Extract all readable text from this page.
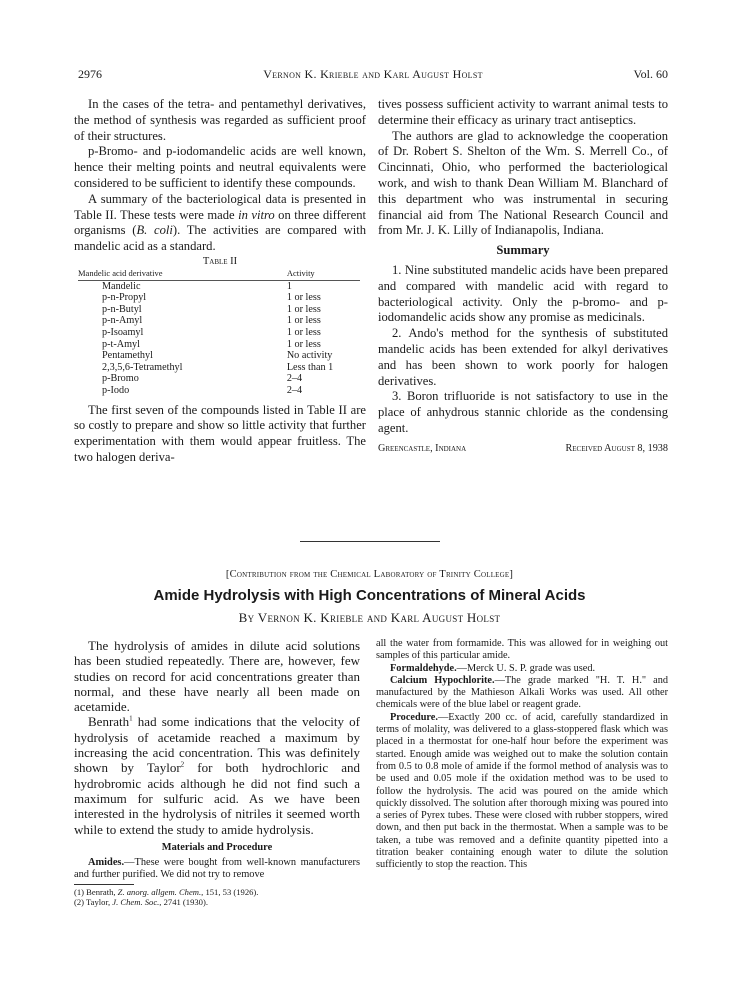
2976	Vernon K. Krieble and Karl August Holst	Vol. 60

In the cases of the tetra- and pentamethyl derivatives, the method of synthesis was regarded as sufficient proof of their structures.

p-Bromo- and p-iodomandelic acids are well known, hence their melting points and neutral equivalents were considered to be sufficient to identify these compounds.

A summary of the bacteriological data is presented in Table II. These tests were made in vitro on three different organisms (B. coli). The activities are compared with mandelic acid as a standard.

Table II
Mandelic acid derivative	Activity
Mandelic	1
p-n-Propyl	1 or less
p-n-Butyl	1 or less
p-n-Amyl	1 or less
p-Isoamyl	1 or less
p-t-Amyl	1 or less
Pentamethyl	No activity
2,3,5,6-Tetramethyl	Less than 1
p-Bromo	2–4
p-Iodo	2–4

The first seven of the compounds listed in Table II are so costly to prepare and show so little activity that further experimentation with them would appear fruitless. The two halogen deriva-

tives possess sufficient activity to warrant animal tests to determine their efficacy as urinary tract antiseptics.

The authors are glad to acknowledge the cooperation of Dr. Robert S. Shelton of the Wm. S. Merrell Co., of Cincinnati, Ohio, who performed the bacteriological work, and wish to thank Dean William M. Blanchard of this department who was instrumental in securing financial aid from The National Research Council and from Mr. J. K. Lilly of Indianapolis, Indiana.

Summary

1. Nine substituted mandelic acids have been prepared and compared with mandelic acid with regard to bacteriological activity. Only the p-bromo- and p-iodomandelic acids show any promise as medicinals.

2. Ando's method for the synthesis of substituted mandelic acids has been extended for alkyl derivatives and has been shown to work poorly for halogen derivatives.

3. Boron trifluoride is not satisfactory to use in the place of anhydrous stannic chloride as the condensing agent.

Greencastle, Indiana	Received August 8, 1938
[Contribution from the Chemical Laboratory of Trinity College]
Amide Hydrolysis with High Concentrations of Mineral Acids
By Vernon K. Krieble and Karl August Holst

The hydrolysis of amides in dilute acid solutions has been studied repeatedly. There are, however, few studies on record for acid concentrations greater than normal, and these have nearly all been made on acetamide.

Benrath$^1$ had some indications that the velocity of hydrolysis of acetamide reached a maximum by increasing the acid concentration. This was definitely shown by Taylor$^2$ for both hydrochloric and hydrobromic acids although he did not find such a maximum for sulfuric acid. As we have been interested in the hydrolysis of nitriles it seemed worth while to extend the study to amide hydrolysis.

Materials and Procedure

Amides.—These were bought from well-known manufacturers and further purified. We did not try to remove

(1) Benrath, Z. anorg. allgem. Chem., 151, 53 (1926).
(2) Taylor, J. Chem. Soc., 2741 (1930).

all the water from formamide. This was allowed for in weighing out samples of this particular amide.

Formaldehyde.—Merck U. S. P. grade was used.

Calcium Hypochlorite.—The grade marked "H. T. H." and manufactured by the Mathieson Alkali Works was used. All other chemicals were of the blue label or reagent grade.

Procedure.—Exactly 200 cc. of acid, carefully standardized in terms of molality, was delivered to a glass-stoppered flask which was placed in a thermostat for one-half hour before the experiment was started. Enough amide was weighed out to make the solution contain from 0.5 to 0.8 mole of amide if the formol method of analysis was to be used and 0.05 mole if the oxidation method was to be used to follow the hydrolysis. The acid was poured on the amide which quickly dissolved. The solution after thorough mixing was poured into a series of Pyrex tubes. These were closed with rubber stoppers, wired down, and then put back in the thermostat. When a sample was to be taken, a tube was removed and a definite quantity pipetted into a titration beaker containing enough water to dilute the solution sufficiently to stop the reaction. This
